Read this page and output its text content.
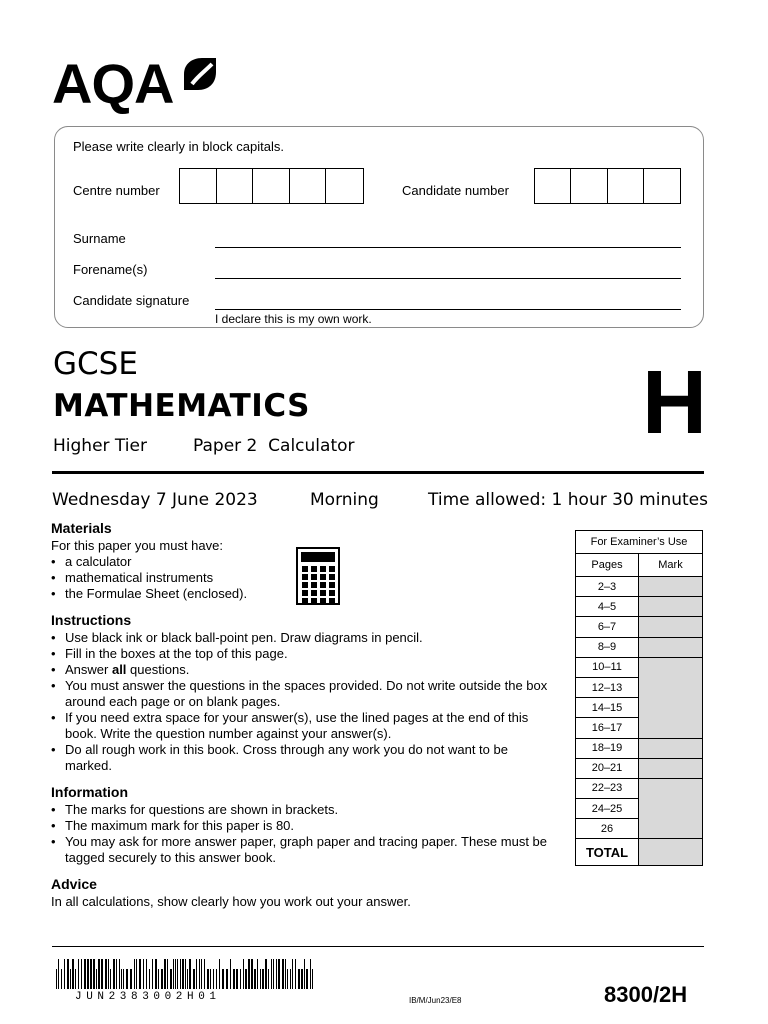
AQA
Please write clearly in block capitals.
Centre number	Candidate number
Surname
Forename(s)
Candidate signature
I declare this is my own work.
GCSE
MATHEMATICS
Higher Tier	Paper 2  Calculator	H
Wednesday 7 June 2023	Morning	Time allowed: 1 hour 30 minutes
Materials
For this paper you must have:
• a calculator
• mathematical instruments
• the Formulae Sheet (enclosed).
Instructions
• Use black ink or black ball-point pen. Draw diagrams in pencil.
• Fill in the boxes at the top of this page.
• Answer all questions.
• You must answer the questions in the spaces provided. Do not write outside the box around each page or on blank pages.
• If you need extra space for your answer(s), use the lined pages at the end of this book. Write the question number against your answer(s).
• Do all rough work in this book. Cross through any work you do not want to be marked.
Information
• The marks for questions are shown in brackets.
• The maximum mark for this paper is 80.
• You may ask for more answer paper, graph paper and tracing paper. These must be tagged securely to this answer book.
Advice
In all calculations, show clearly how you work out your answer.
For Examiner’s Use	
Pages	Mark
2–3	
4–5	
6–7	
8–9	
10–11	
12–13	
14–15	
16–17	
18–19	
20–21	
22–23	
24–25	
26	
TOTAL	
JUN2383002H01	IB/M/Jun23/E8	8300/2H
